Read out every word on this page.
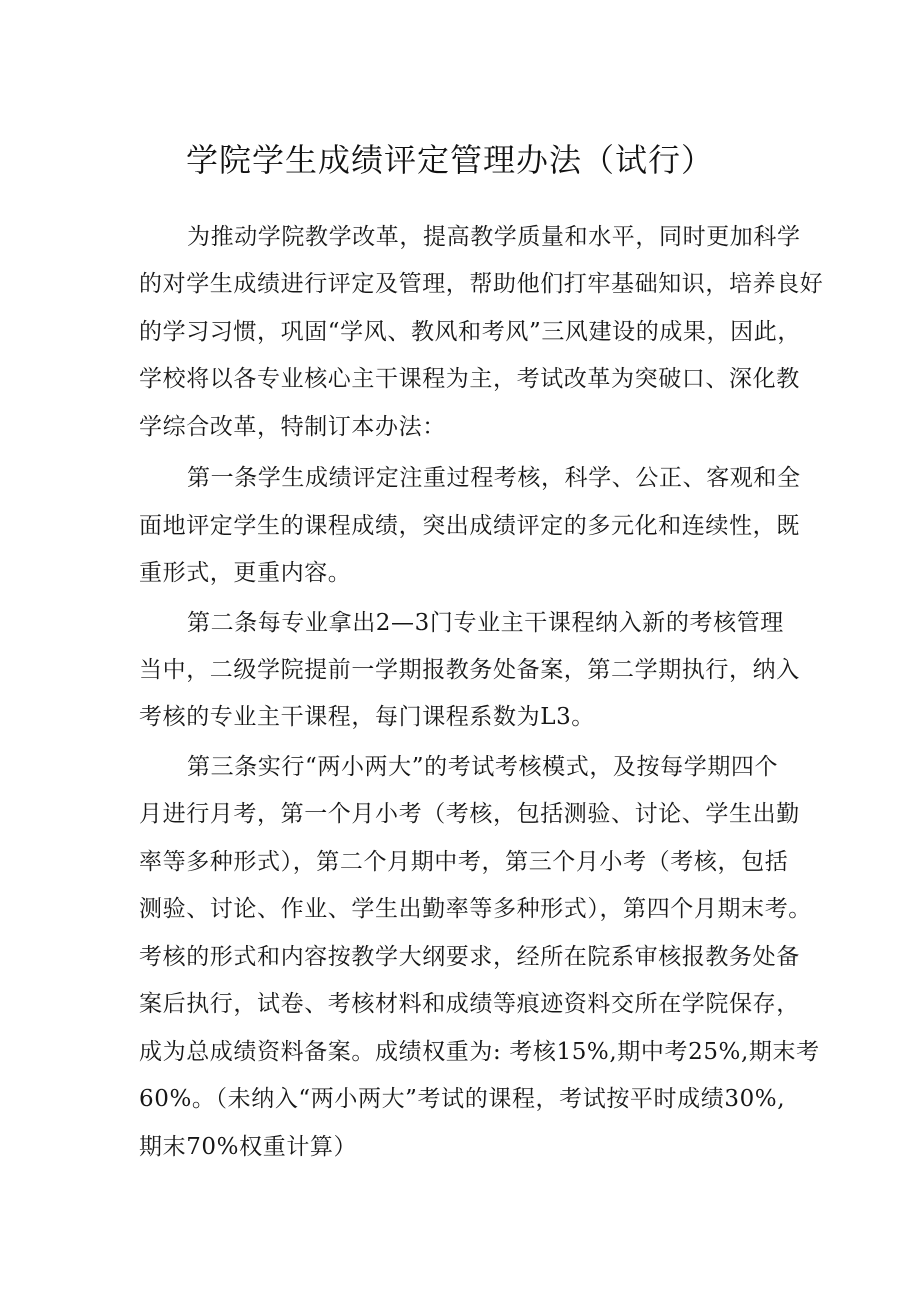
学院学生成绩评定管理办法（试行）
为推动学院教学改革，提高教学质量和水平，同时更加科学
的对学生成绩进行评定及管理，帮助他们打牢基础知识，培养良好
的学习习惯，巩固“学风、教风和考风”三风建设的成果，因此，
学校将以各专业核心主干课程为主，考试改革为突破口、深化教
学综合改革，特制订本办法：
第一条学生成绩评定注重过程考核，科学、公正、客观和全
面地评定学生的课程成绩，突出成绩评定的多元化和连续性，既
重形式，更重内容。
第二条每专业拿出2—3门专业主干课程纳入新的考核管理
当中，二级学院提前一学期报教务处备案，第二学期执行，纳入
考核的专业主干课程，每门课程系数为L3。
第三条实行“两小两大”的考试考核模式，及按每学期四个
月进行月考，第一个月小考（考核，包括测验、讨论、学生出勤
率等多种形式），第二个月期中考，第三个月小考（考核，包括
测验、讨论、作业、学生出勤率等多种形式），第四个月期末考。
考核的形式和内容按教学大纲要求，经所在院系审核报教务处备
案后执行，试卷、考核材料和成绩等痕迹资料交所在学院保存，
成为总成绩资料备案。成绩权重为: 考核15%,期中考25%,期末考
60%。（未纳入“两小两大”考试的课程，考试按平时成绩30%,
期末70%权重计算）
